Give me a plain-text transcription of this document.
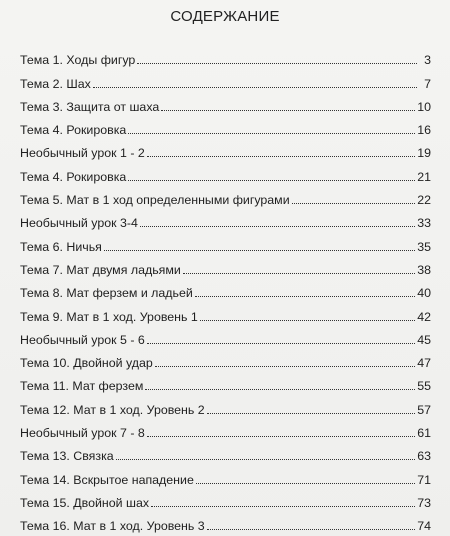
СОДЕРЖАНИЕ
Тема 1. Ходы фигур	3
Тема 2. Шах	7
Тема 3. Защита от шаха	10
Тема 4. Рокировка	16
Необычный урок 1 - 2	19
Тема 4. Рокировка	21
Тема 5. Мат в 1 ход определенными фигурами	22
Необычный урок 3-4	33
Тема 6. Ничья	35
Тема 7. Мат двумя ладьями	38
Тема 8. Мат ферзем и ладьей	40
Тема 9. Мат в 1 ход. Уровень 1	42
Необычный урок 5 - 6	45
Тема 10. Двойной удар	47
Тема 11. Мат ферзем	55
Тема 12. Мат в 1 ход. Уровень 2	57
Необычный урок 7 - 8	61
Тема 13. Связка	63
Тема 14. Вскрытое нападение	71
Тема 15. Двойной шах	73
Тема 16. Мат в 1 ход. Уровень 3	74
